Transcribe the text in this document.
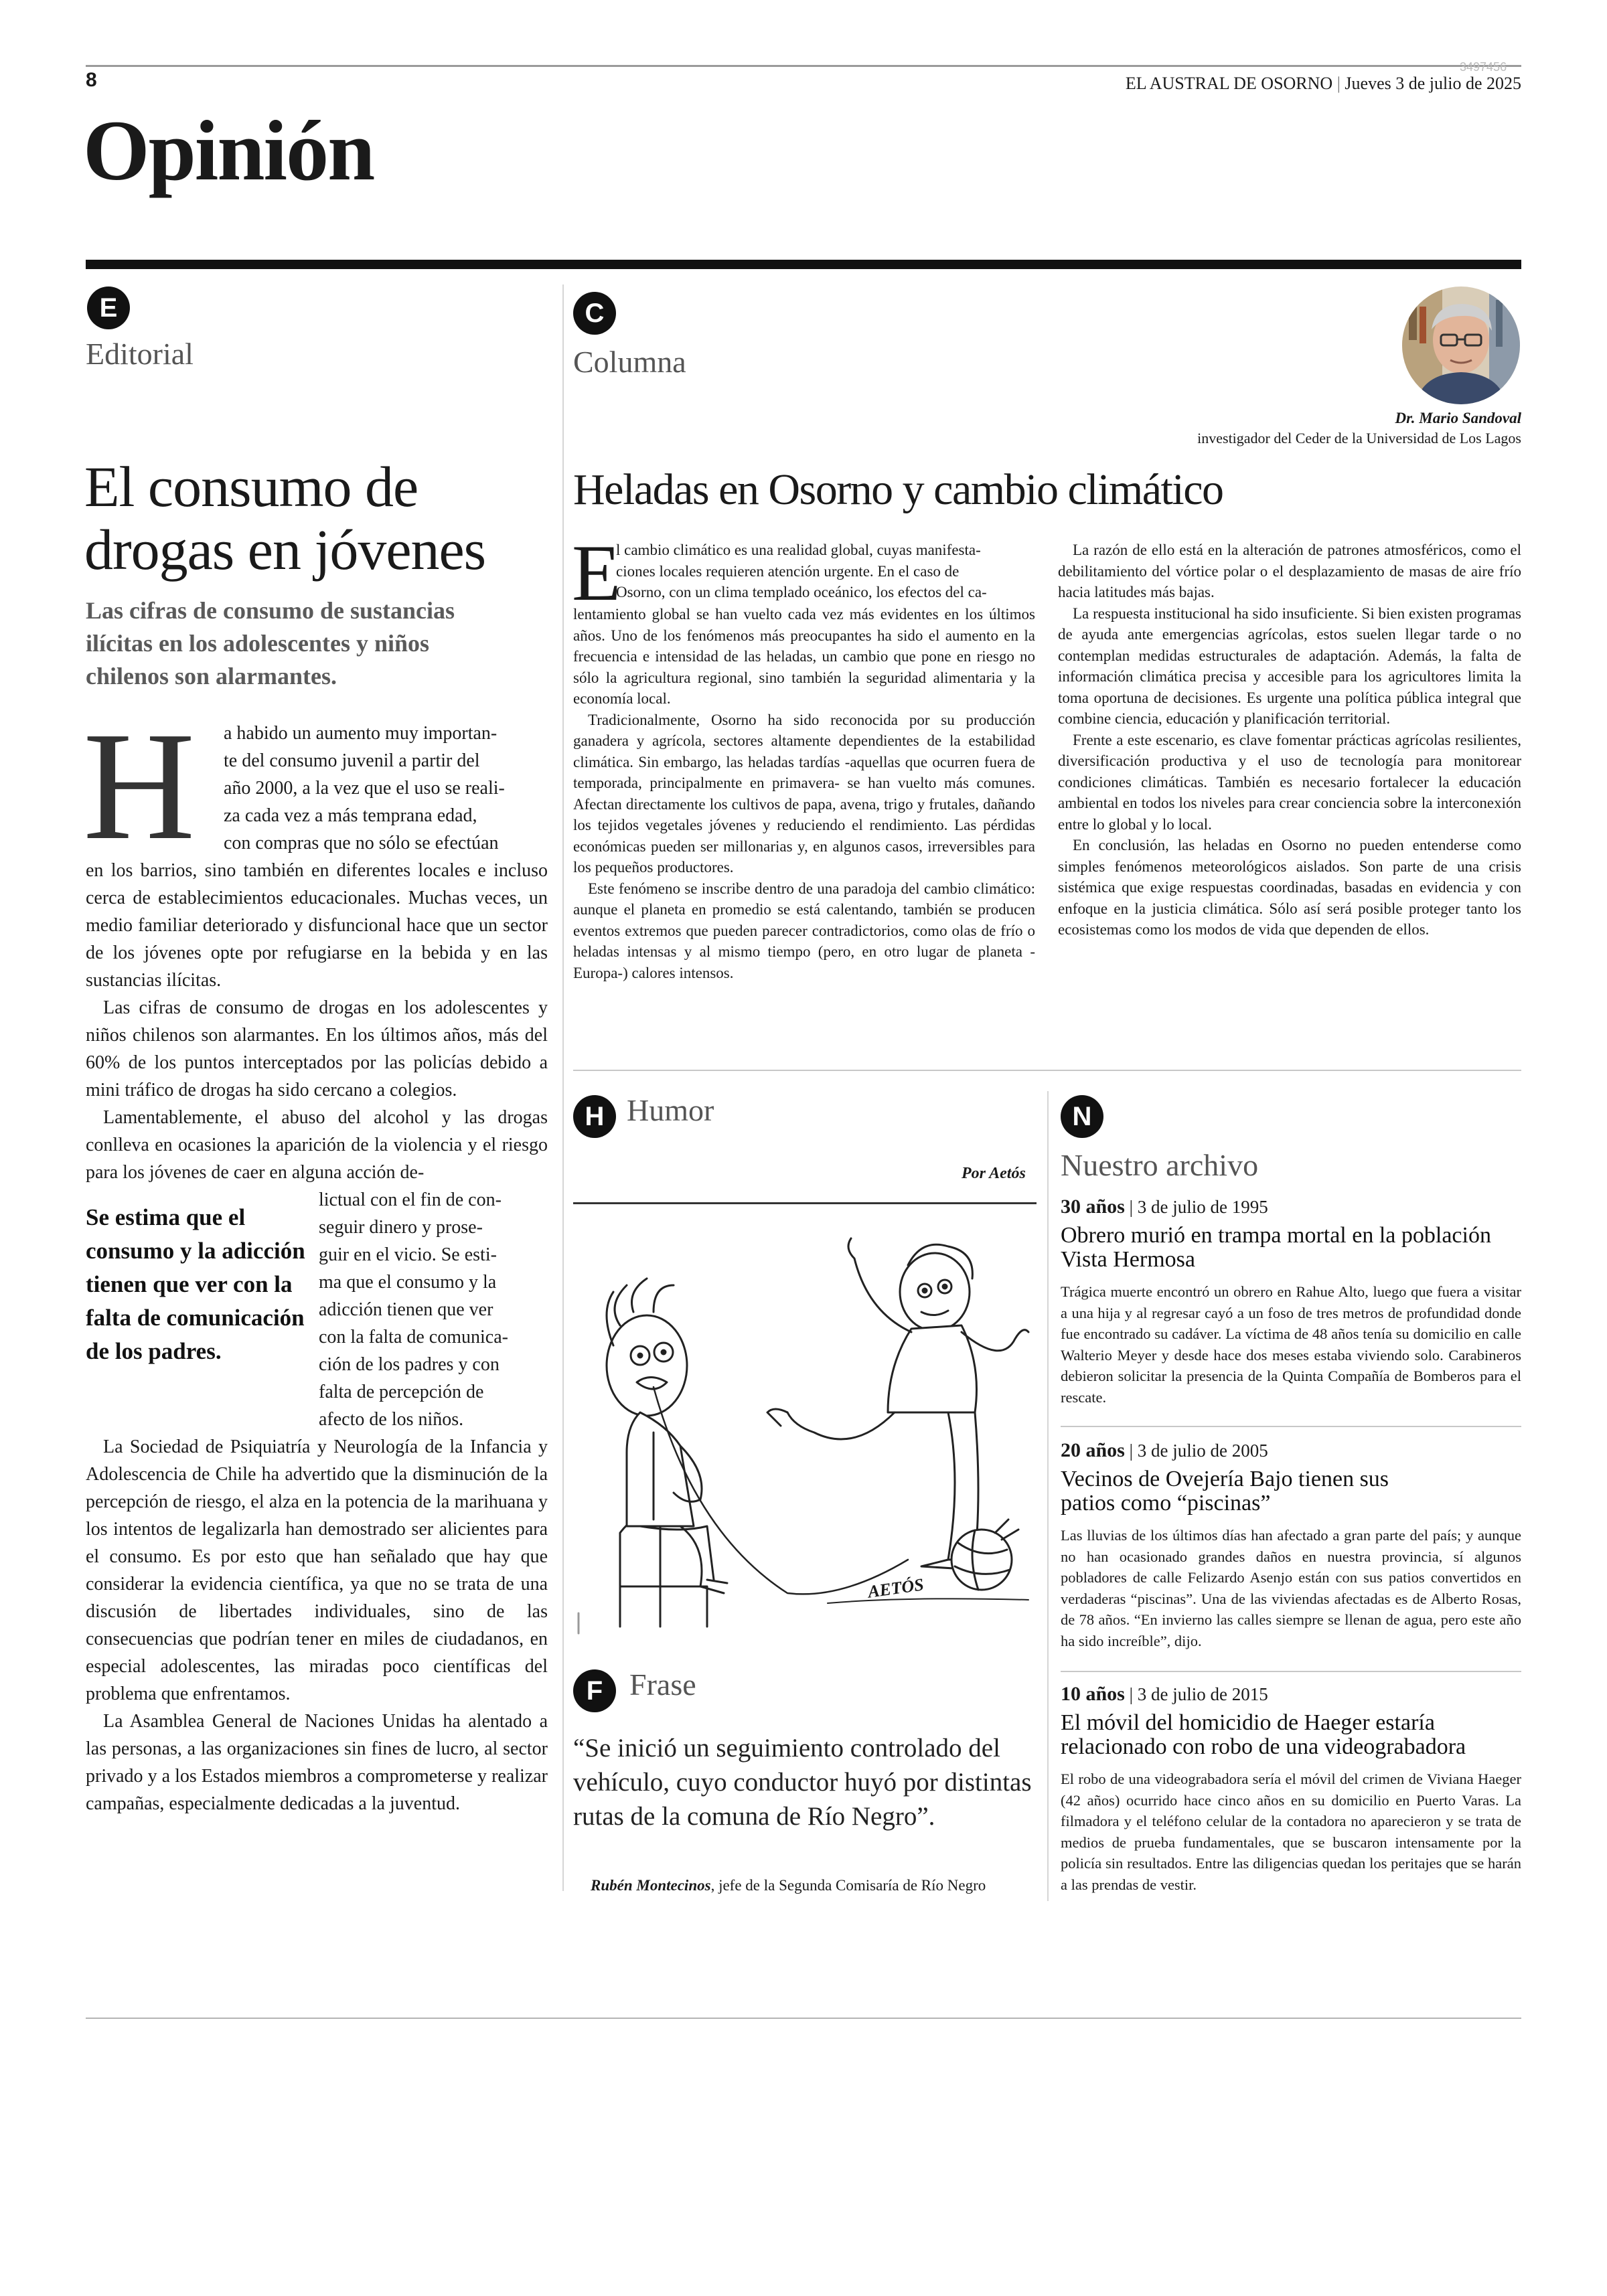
8
3497456
EL AUSTRAL DE OSORNO | Jueves 3 de julio de 2025
Opinión
E
Editorial
El consumo de
drogas en jóvenes
Las cifras de consumo de sustancias ilícitas en los adolescentes y niños chilenos son alarmantes.
H	a habido un aumento muy importan-
te del consumo juvenil a partir del
año 2000, a la vez que el uso se reali-
za cada vez a más temprana edad,
con compras que no sólo se efectúan
en los barrios, sino también en diferentes locales e incluso cerca de establecimientos educacionales. Muchas veces, un medio familiar deteriorado y disfuncional hace que un sector de los jóvenes opte por refugiarse en la bebida y en las sustancias ilícitas.

Las cifras de consumo de drogas en los adolescentes y niños chilenos son alarmantes. En los últimos años, más del 60% de los puntos interceptados por las policías debido a mini tráfico de drogas ha sido cercano a colegios.

Lamentablemente, el abuso del alcohol y las drogas conlleva en ocasiones la aparición de la violencia y el riesgo para los jóvenes de caer en alguna acción de-

Se estima que el consumo y la adicción tienen que ver con la falta de comunicación de los padres.
lictual con el fin de con-
seguir dinero y prose-
guir en el vicio. Se esti-
ma que el consumo y la
adicción tienen que ver
con la falta de comunica-
ción de los padres y con
falta de percepción de
afecto de los niños.

La Sociedad de Psiquiatría y Neurología de la Infancia y Adolescencia de Chile ha advertido que la disminución de la percepción de riesgo, el alza en la potencia de la marihuana y los intentos de legalizarla han demostrado ser alicientes para el consumo. Es por esto que han señalado que hay que considerar la evidencia científica, ya que no se trata de una discusión de libertades individuales, sino de las consecuencias que podrían tener en miles de ciudadanos, en especial adolescentes, las miradas poco científicas del problema que enfrentamos.

La Asamblea General de Naciones Unidas ha alentado a las personas, a las organizaciones sin fines de lucro, al sector privado y a los Estados miembros a comprometerse y realizar campañas, especialmente dedicadas a la juventud.

C
Columna
Dr. Mario Sandoval
investigador del Ceder de la Universidad de Los Lagos
Heladas en Osorno y cambio climático
E
l cambio climático es una realidad global, cuyas manifesta-
ciones locales requieren atención urgente. En el caso de
Osorno, con un clima templado oceánico, los efectos del ca-
lentamiento global se han vuelto cada vez más evidentes en los últimos años. Uno de los fenómenos más preocupantes ha sido el aumento en la frecuencia e intensidad de las heladas, un cambio que pone en riesgo no sólo la agricultura regional, sino también la seguridad alimentaria y la economía local.

Tradicionalmente, Osorno ha sido reconocida por su producción ganadera y agrícola, sectores altamente dependientes de la estabilidad climática. Sin embargo, las heladas tardías -aquellas que ocurren fuera de temporada, principalmente en primavera- se han vuelto más comunes. Afectan directamente los cultivos de papa, avena, trigo y frutales, dañando los tejidos vegetales jóvenes y reduciendo el rendimiento. Las pérdidas económicas pueden ser millonarias y, en algunos casos, irreversibles para los pequeños productores.

Este fenómeno se inscribe dentro de una paradoja del cambio climático: aunque el planeta en promedio se está calentando, también se producen eventos extremos que pueden parecer contradictorios, como olas de frío o heladas intensas y al mismo tiempo (pero, en otro lugar de planeta -Europa-) calores intensos.

La razón de ello está en la alteración de patrones atmosféricos, como el debilitamiento del vórtice polar o el desplazamiento de masas de aire frío hacia latitudes más bajas.

La respuesta institucional ha sido insuficiente. Si bien existen programas de ayuda ante emergencias agrícolas, estos suelen llegar tarde o no contemplan medidas estructurales de adaptación. Además, la falta de información climática precisa y accesible para los agricultores limita la toma oportuna de decisiones. Es urgente una política pública integral que combine ciencia, educación y planificación territorial.

Frente a este escenario, es clave fomentar prácticas agrícolas resilientes, diversificación productiva y el uso de tecnología para monitorear condiciones climáticas. También es necesario fortalecer la educación ambiental en todos los niveles para crear conciencia sobre la interconexión entre lo global y lo local.

En conclusión, las heladas en Osorno no pueden entenderse como simples fenómenos meteorológicos aislados. Son parte de una crisis sistémica que exige respuestas coordinadas, basadas en evidencia y con enfoque en la justicia climática. Sólo así será posible proteger tanto los ecosistemas como los modos de vida que dependen de ellos.

H Humor
Por Aetós
AETÓS
F Frase
“Se inició un seguimiento controlado del vehículo, cuyo conductor huyó por distintas rutas de la comuna de Río Negro”.
Rubén Montecinos, jefe de la Segunda Comisaría de Río Negro
N
Nuestro archivo
30 años | 3 de julio de 1995
Obrero murió en trampa mortal en la población Vista Hermosa
Trágica muerte encontró un obrero en Rahue Alto, luego que fuera a visitar a una hija y al regresar cayó a un foso de tres metros de profundidad donde fue encontrado su cadáver. La víctima de 48 años tenía su domicilio en calle Walterio Meyer y desde hace dos meses estaba viviendo solo. Carabineros debieron solicitar la presencia de la Quinta Compañía de Bomberos para el rescate.
20 años | 3 de julio de 2005
Vecinos de Ovejería Bajo tienen sus patios como “piscinas”
Las lluvias de los últimos días han afectado a gran parte del país; y aunque no han ocasionado grandes daños en nuestra provincia, sí algunos pobladores de calle Felizardo Asenjo están con sus patios convertidos en verdaderas “piscinas”. Una de las viviendas afectadas es de Alberto Rosas, de 78 años. “En invierno las calles siempre se llenan de agua, pero este año ha sido increíble”, dijo.
10 años | 3 de julio de 2015
El móvil del homicidio de Haeger estaría relacionado con robo de una videograbadora
El robo de una videograbadora sería el móvil del crimen de Viviana Haeger (42 años) ocurrido hace cinco años en su domicilio en Puerto Varas. La filmadora y el teléfono celular de la contadora no aparecieron y se trata de medios de prueba fundamentales, que se buscaron intensamente por la policía sin resultados. Entre las diligencias quedan los peritajes que se harán a las prendas de vestir.
